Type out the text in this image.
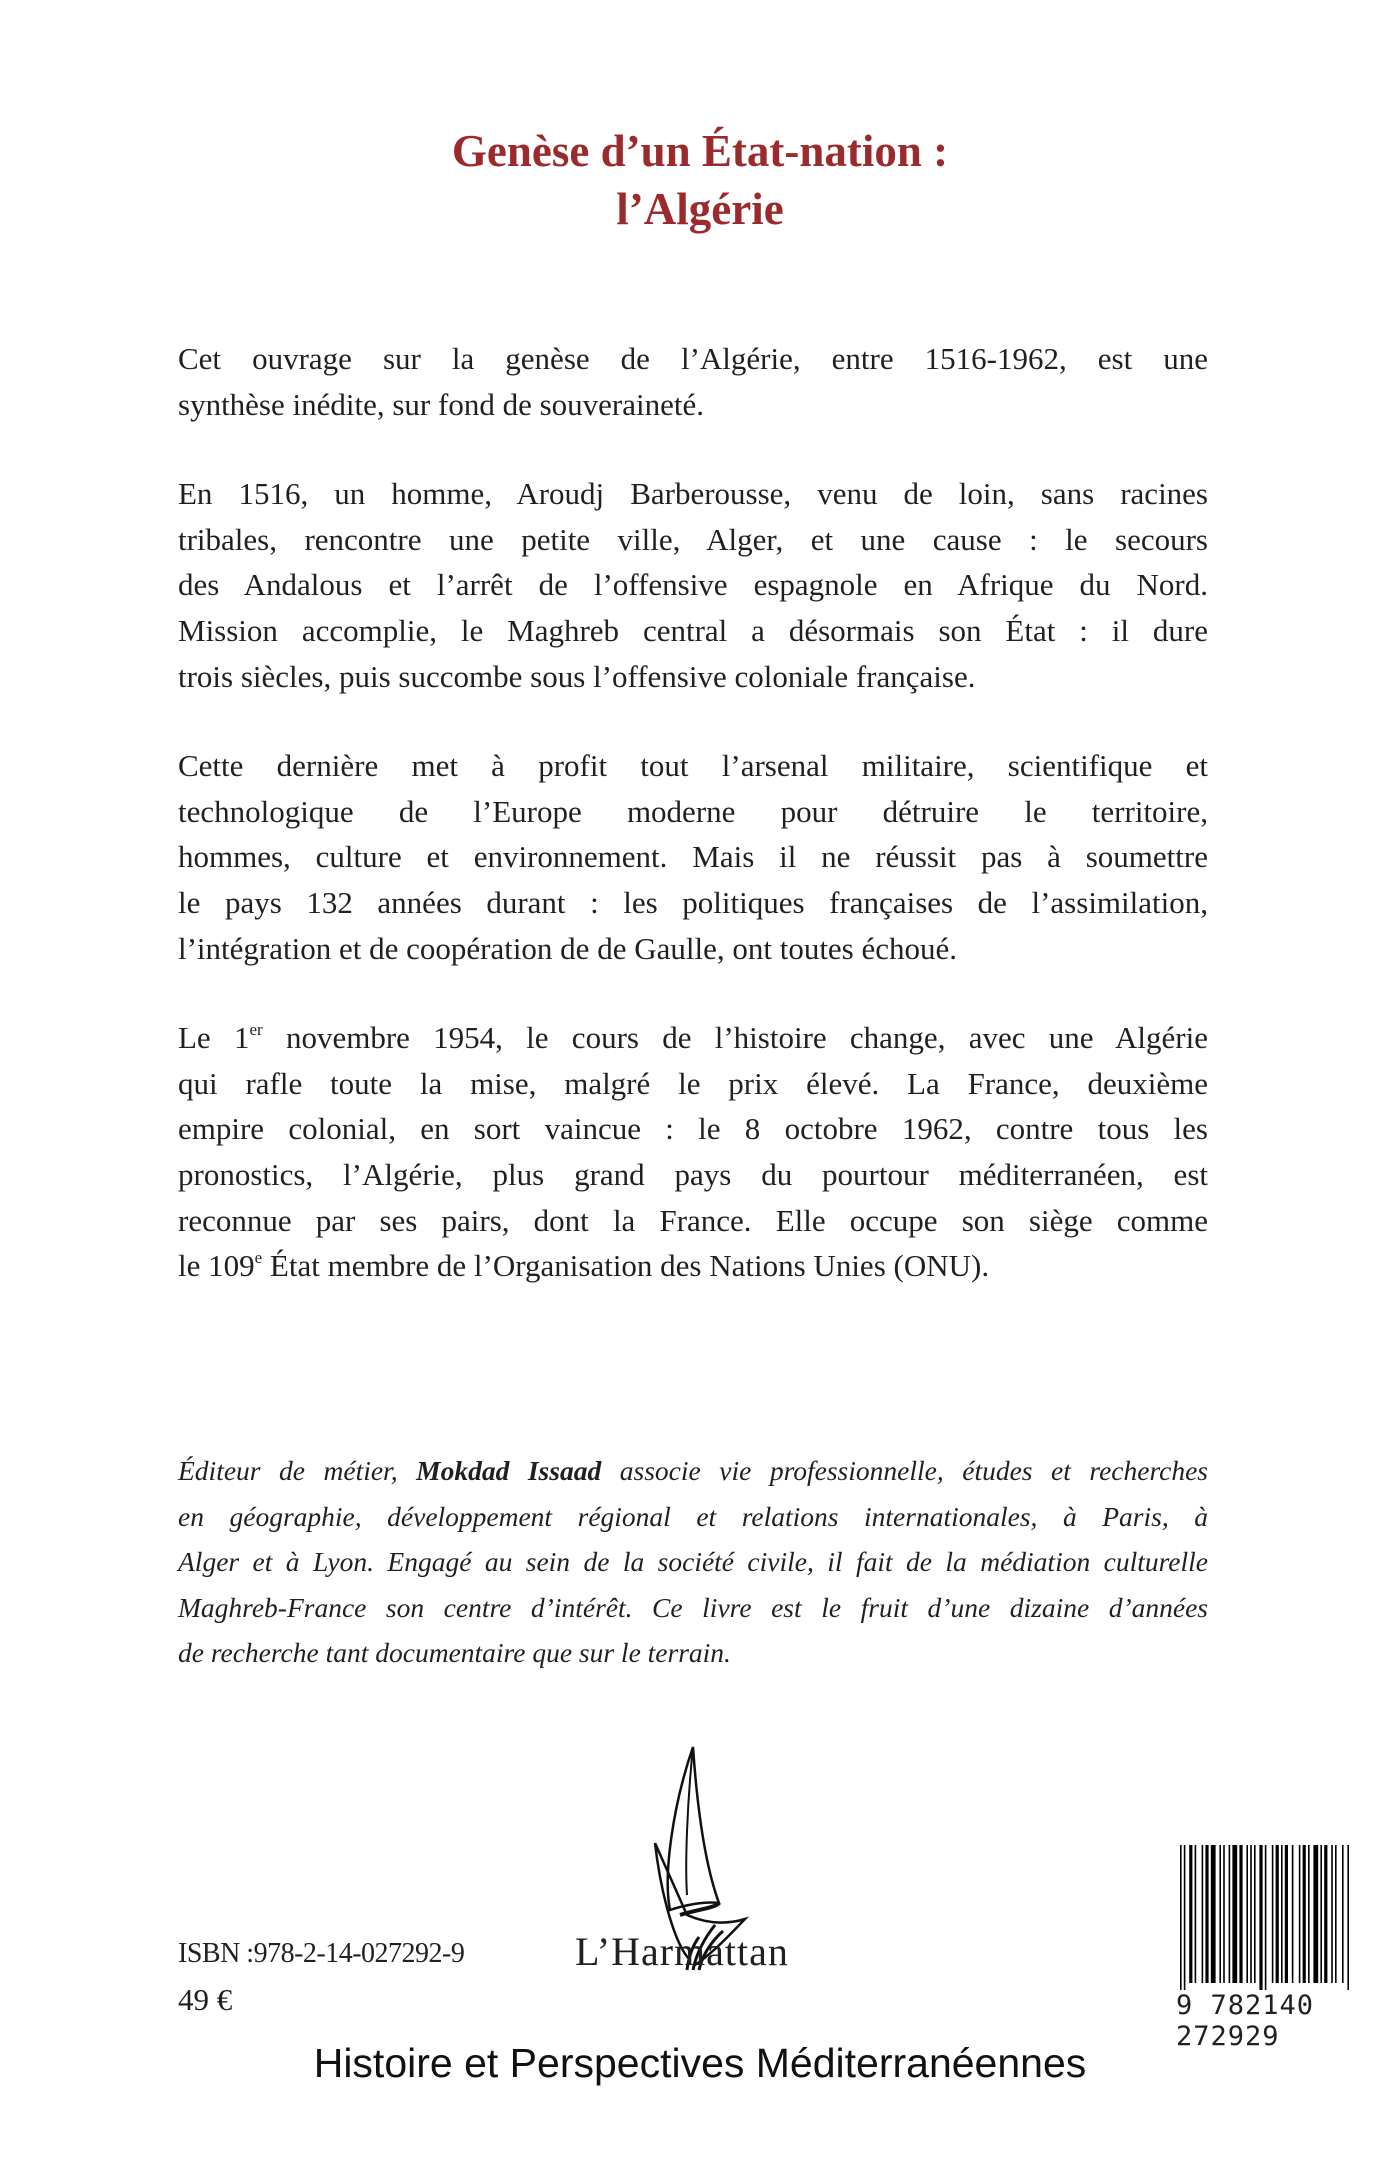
Genèse d’un État-nation :
l’Algérie
Cet ouvrage sur la genèse de l’Algérie, entre 1516-1962, est une
synthèse inédite, sur fond de souveraineté.
En 1516, un homme, Aroudj Barberousse, venu de loin, sans racines
tribales, rencontre une petite ville, Alger, et une cause : le secours
des Andalous et l’arrêt de l’offensive espagnole en Afrique du Nord.
Mission accomplie, le Maghreb central a désormais son État : il dure
trois siècles, puis succombe sous l’offensive coloniale française.
Cette dernière met à profit tout l’arsenal militaire, scientifique et
technologique de l’Europe moderne pour détruire le territoire,
hommes, culture et environnement. Mais il ne réussit pas à soumettre
le pays 132 années durant : les politiques françaises de l’assimilation,
l’intégration et de coopération de de Gaulle, ont toutes échoué.
Le 1er novembre 1954, le cours de l’histoire change, avec une Algérie
qui rafle toute la mise, malgré le prix élevé. La France, deuxième
empire colonial, en sort vaincue : le 8 octobre 1962, contre tous les
pronostics, l’Algérie, plus grand pays du pourtour méditerranéen, est
reconnue par ses pairs, dont la France. Elle occupe son siège comme
le 109e État membre de l’Organisation des Nations Unies (ONU).
Éditeur de métier, Mokdad Issaad associe vie professionnelle, études et recherches
en géographie, développement régional et relations internationales, à Paris, à
Alger et à Lyon. Engagé au sein de la société civile, il fait de la médiation culturelle
Maghreb-France son centre d’intérêt. Ce livre est le fruit d’une dizaine d’années
de recherche tant documentaire que sur le terrain.
L’Harmattan
ISBN :978-2-14-027292-9
49 €	9 782140 272929
Histoire et Perspectives Méditerranéennes
